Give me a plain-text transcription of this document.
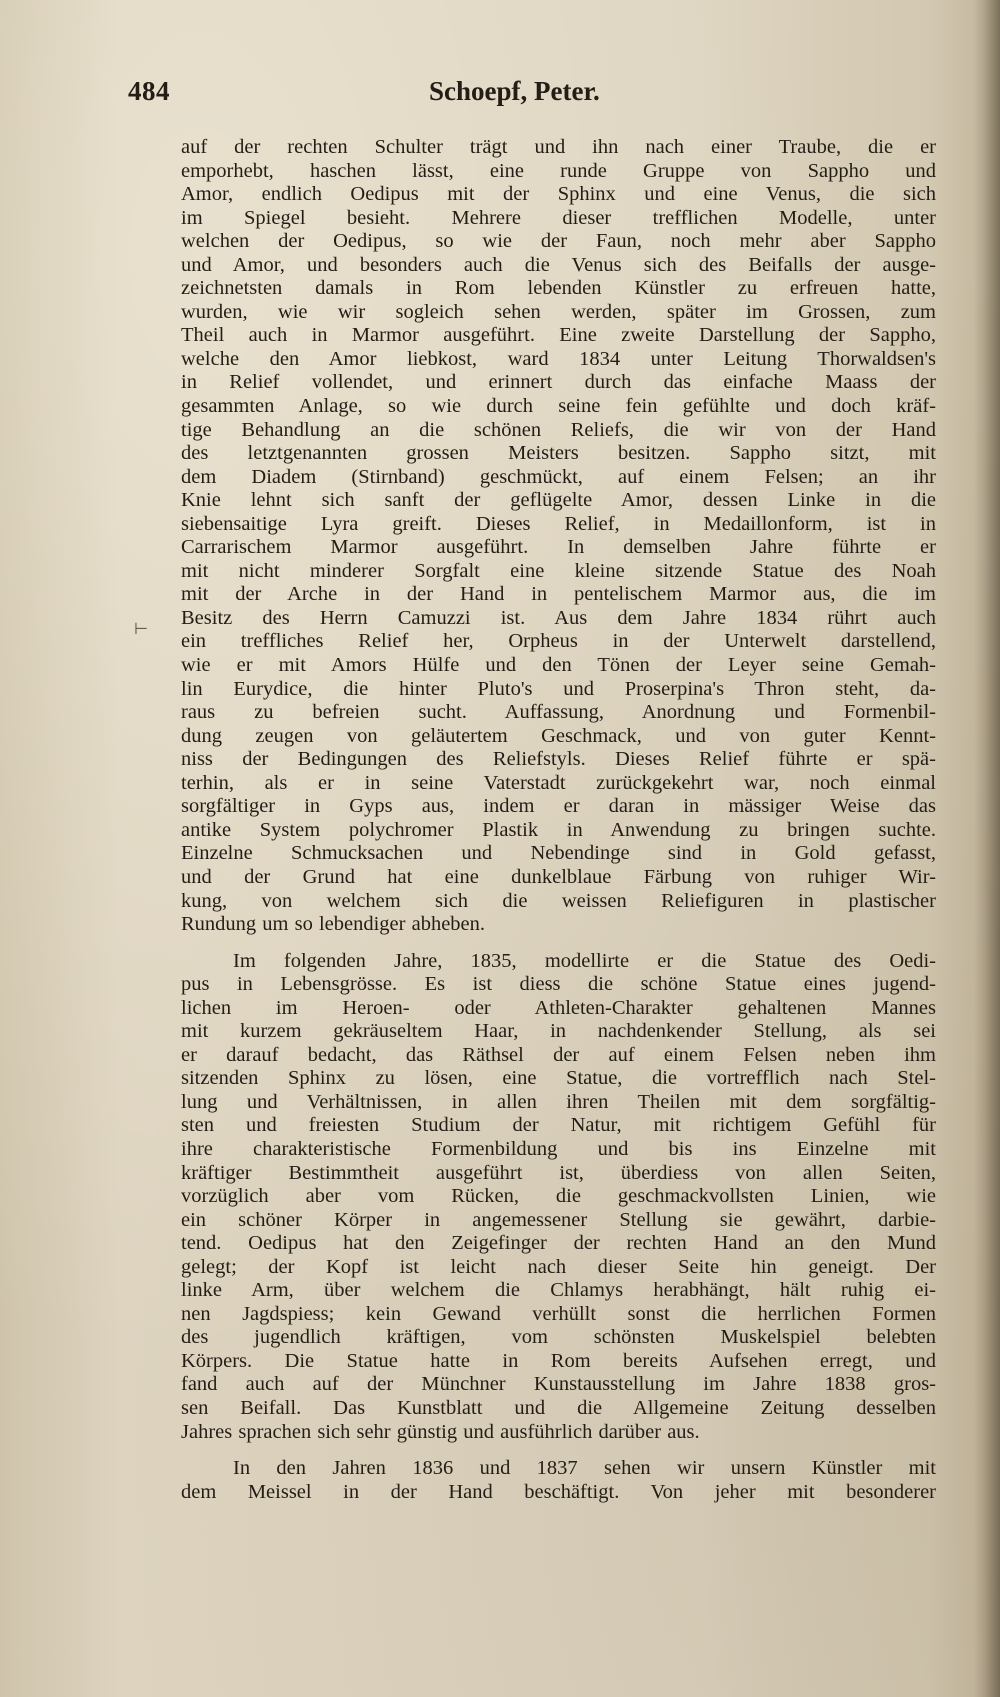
484	Schoepf, Peter.
⊢
auf der rechten Schulter trägt und ihn nach einer Traube, die er
emporhebt, haschen lässt, eine runde Gruppe von Sappho und
Amor, endlich Oedipus mit der Sphinx und eine Venus, die sich
im Spiegel besieht. Mehrere dieser trefflichen Modelle, unter
welchen der Oedipus, so wie der Faun, noch mehr aber Sappho
und Amor, und besonders auch die Venus sich des Beifalls der ausge-
zeichnetsten damals in Rom lebenden Künstler zu erfreuen hatte,
wurden, wie wir sogleich sehen werden, später im Grossen, zum
Theil auch in Marmor ausgeführt. Eine zweite Darstellung der Sappho,
welche den Amor liebkost, ward 1834 unter Leitung Thorwaldsen's
in Relief vollendet, und erinnert durch das einfache Maass der
gesammten Anlage, so wie durch seine fein gefühlte und doch kräf-
tige Behandlung an die schönen Reliefs, die wir von der Hand
des letztgenannten grossen Meisters besitzen. Sappho sitzt, mit
dem Diadem (Stirnband) geschmückt, auf einem Felsen; an ihr
Knie lehnt sich sanft der geflügelte Amor, dessen Linke in die
siebensaitige Lyra greift. Dieses Relief, in Medaillonform, ist in
Carrarischem Marmor ausgeführt. In demselben Jahre führte er
mit nicht minderer Sorgfalt eine kleine sitzende Statue des Noah
mit der Arche in der Hand in pentelischem Marmor aus, die im
Besitz des Herrn Camuzzi ist. Aus dem Jahre 1834 rührt auch
ein treffliches Relief her, Orpheus in der Unterwelt darstellend,
wie er mit Amors Hülfe und den Tönen der Leyer seine Gemah-
lin Eurydice, die hinter Pluto's und Proserpina's Thron steht, da-
raus zu befreien sucht. Auffassung, Anordnung und Formenbil-
dung zeugen von geläutertem Geschmack, und von guter Kennt-
niss der Bedingungen des Reliefstyls. Dieses Relief führte er spä-
terhin, als er in seine Vaterstadt zurückgekehrt war, noch einmal
sorgfältiger in Gyps aus, indem er daran in mässiger Weise das
antike System polychromer Plastik in Anwendung zu bringen suchte.
Einzelne Schmucksachen und Nebendinge sind in Gold gefasst,
und der Grund hat eine dunkelblaue Färbung von ruhiger Wir-
kung, von welchem sich die weissen Reliefiguren in plastischer
Rundung um so lebendiger abheben.
Im folgenden Jahre, 1835, modellirte er die Statue des Oedi-
pus in Lebensgrösse. Es ist diess die schöne Statue eines jugend-
lichen im Heroen- oder Athleten-Charakter gehaltenen Mannes
mit kurzem gekräuseltem Haar, in nachdenkender Stellung, als sei
er darauf bedacht, das Räthsel der auf einem Felsen neben ihm
sitzenden Sphinx zu lösen, eine Statue, die vortrefflich nach Stel-
lung und Verhältnissen, in allen ihren Theilen mit dem sorgfältig-
sten und freiesten Studium der Natur, mit richtigem Gefühl für
ihre charakteristische Formenbildung und bis ins Einzelne mit
kräftiger Bestimmtheit ausgeführt ist, überdiess von allen Seiten,
vorzüglich aber vom Rücken, die geschmackvollsten Linien, wie
ein schöner Körper in angemessener Stellung sie gewährt, darbie-
tend. Oedipus hat den Zeigefinger der rechten Hand an den Mund
gelegt; der Kopf ist leicht nach dieser Seite hin geneigt. Der
linke Arm, über welchem die Chlamys herabhängt, hält ruhig ei-
nen Jagdspiess; kein Gewand verhüllt sonst die herrlichen Formen
des jugendlich kräftigen, vom schönsten Muskelspiel belebten
Körpers. Die Statue hatte in Rom bereits Aufsehen erregt, und
fand auch auf der Münchner Kunstausstellung im Jahre 1838 gros-
sen Beifall. Das Kunstblatt und die Allgemeine Zeitung desselben
Jahres sprachen sich sehr günstig und ausführlich darüber aus.
In den Jahren 1836 und 1837 sehen wir unsern Künstler mit
dem Meissel in der Hand beschäftigt. Von jeher mit besonderer
